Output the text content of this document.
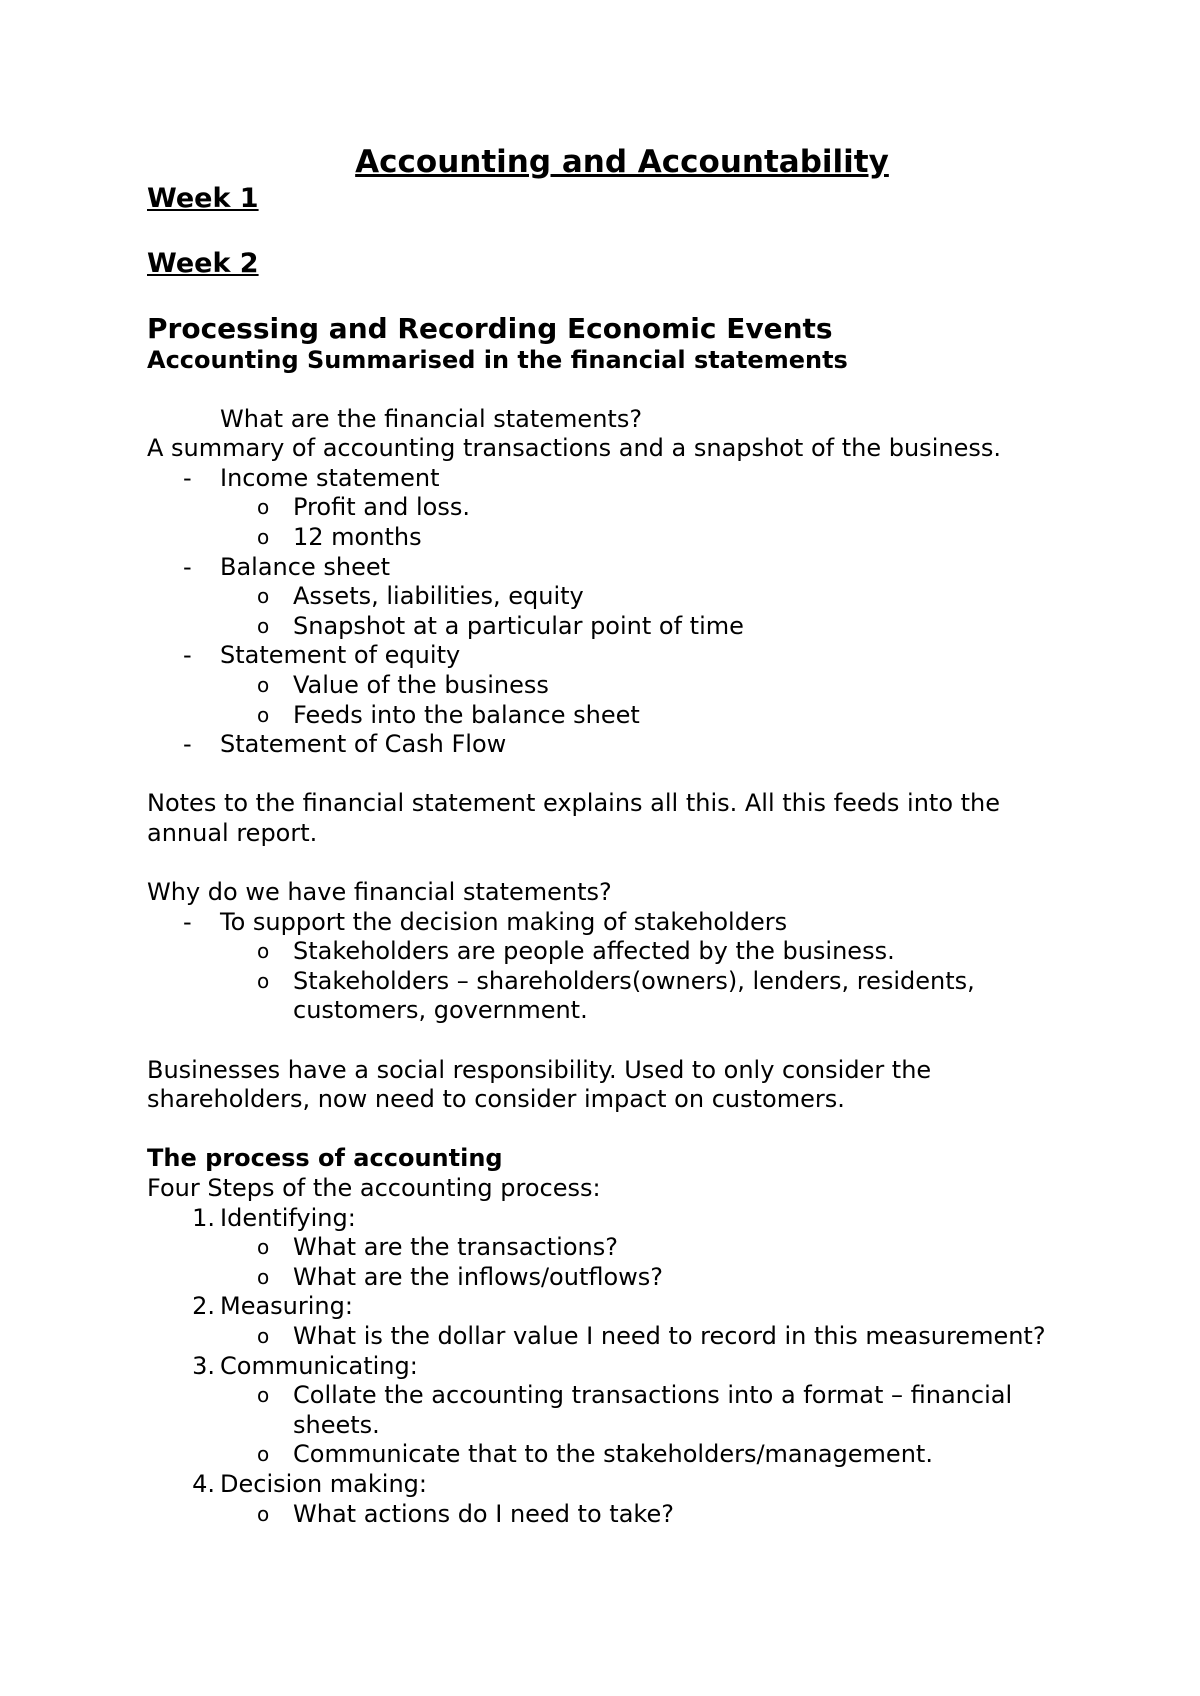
Accounting and Accountability
Week 1
Week 2
Processing and Recording Economic Events
Accounting Summarised in the financial statements
What are the financial statements?
A summary of accounting transactions and a snapshot of the business.
-	Income statement
o Profit and loss.
o 12 months
-	Balance sheet
o Assets, liabilities, equity
o Snapshot at a particular point of time
-	Statement of equity
o Value of the business
o Feeds into the balance sheet
-	Statement of Cash Flow
Notes to the financial statement explains all this. All this feeds into the annual report.
Why do we have financial statements?
-	To support the decision making of stakeholders
o Stakeholders are people affected by the business.
o Stakeholders – shareholders(owners), lenders, residents, customers, government.
Businesses have a social responsibility. Used to only consider the shareholders, now need to consider impact on customers.
The process of accounting
Four Steps of the accounting process:
1. Identifying:
o What are the transactions?
o What are the inflows/outflows?
2. Measuring:
o What is the dollar value I need to record in this measurement?
3. Communicating:
o Collate the accounting transactions into a format – financial sheets.
o Communicate that to the stakeholders/management.
4. Decision making:
o What actions do I need to take?
